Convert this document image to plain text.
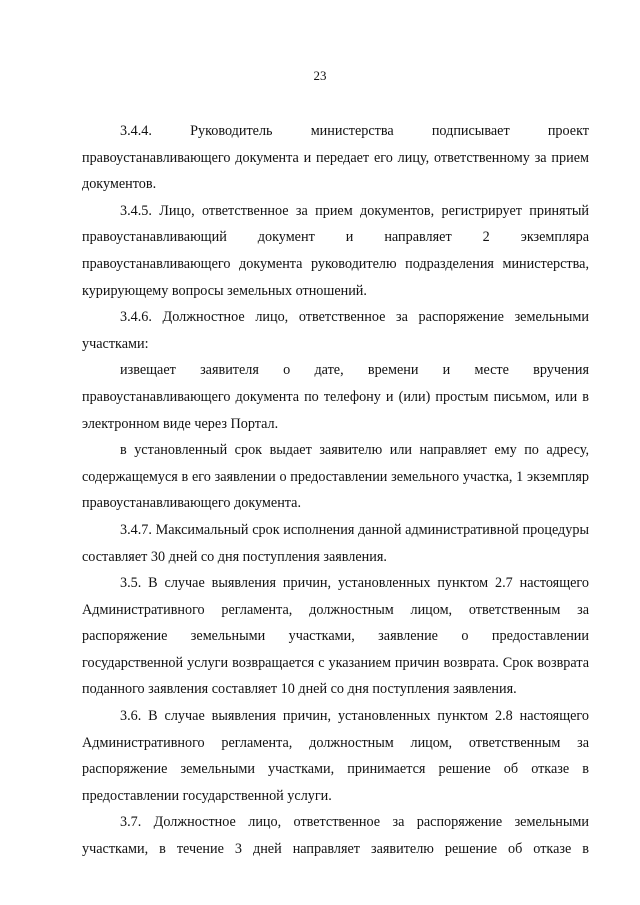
23

3.4.4. Руководитель министерства подписывает проект правоустанавливающего документа и передает его лицу, ответственному за прием документов.

3.4.5. Лицо, ответственное за прием документов, регистрирует принятый правоустанавливающий документ и направляет 2 экземпляра правоустанавливающего документа руководителю подразделения министерства, курирующему вопросы земельных отношений.

3.4.6. Должностное лицо, ответственное за распоряжение земельными участками:

извещает заявителя о дате, времени и месте вручения правоустанавливающего документа по телефону и (или) простым письмом, или в электронном виде через Портал.

в установленный срок выдает заявителю или направляет ему по адресу, содержащемуся в его заявлении о предоставлении земельного участка, 1 экземпляр правоустанавливающего документа.

3.4.7. Максимальный срок исполнения данной административной процедуры составляет 30 дней со дня поступления заявления.

3.5. В случае выявления причин, установленных пунктом 2.7 настоящего Административного регламента, должностным лицом, ответственным за распоряжение земельными участками, заявление о предоставлении государственной услуги возвращается с указанием причин возврата. Срок возврата поданного заявления составляет 10 дней со дня поступления заявления.

3.6. В случае выявления причин, установленных пунктом 2.8 настоящего Административного регламента, должностным лицом, ответственным за распоряжение земельными участками, принимается решение об отказе в предоставлении государственной услуги.

3.7. Должностное лицо, ответственное за распоряжение земельными участками, в течение 3 дней направляет заявителю решение об отказе в
